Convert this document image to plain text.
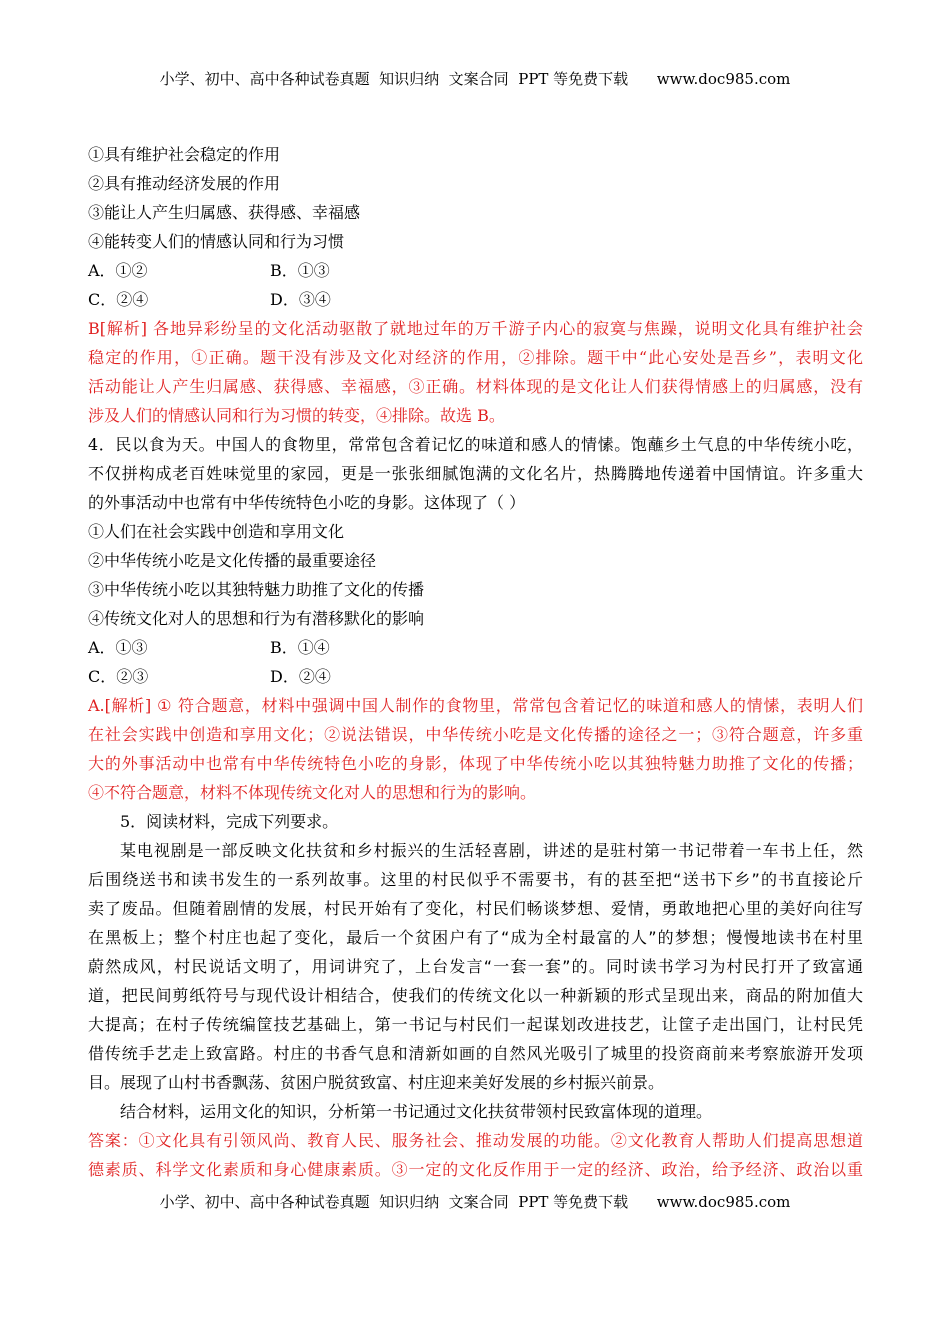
小学、初中、高中各种试卷真题  知识归纳  文案合同  PPT 等免费下载      www.doc985.com
①具有维护社会稳定的作用
②具有推动经济发展的作用
③能让人产生归属感、获得感、幸福感
④能转变人们的情感认同和行为习惯
A．①②	B．①③
C．②④	D．③④
B[解析] 各地异彩纷呈的文化活动驱散了就地过年的万千游子内心的寂寞与焦躁，说明文化具有维护社会
稳定的作用，①正确。题干没有涉及文化对经济的作用，②排除。题干中“此心安处是吾乡”，表明文化
活动能让人产生归属感、获得感、幸福感，③正确。材料体现的是文化让人们获得情感上的归属感，没有
涉及人们的情感认同和行为习惯的转变，④排除。故选 B。
4．民以食为天。中国人的食物里，常常包含着记忆的味道和感人的情愫。饱蘸乡土气息的中华传统小吃，
不仅拼构成老百姓味觉里的家园，更是一张张细腻饱满的文化名片，热腾腾地传递着中国情谊。许多重大
的外事活动中也常有中华传统特色小吃的身影。这体现了（ ）
①人们在社会实践中创造和享用文化
②中华传统小吃是文化传播的最重要途径
③中华传统小吃以其独特魅力助推了文化的传播
④传统文化对人的思想和行为有潜移默化的影响
A．①③	B．①④
C．②③	D．②④
A.[解析] ① 符合题意，材料中强调中国人制作的食物里，常常包含着记忆的味道和感人的情愫，表明人们
在社会实践中创造和享用文化；②说法错误，中华传统小吃是文化传播的途径之一；③符合题意，许多重
大的外事活动中也常有中华传统特色小吃的身影，体现了中华传统小吃以其独特魅力助推了文化的传播；
④不符合题意，材料不体现传统文化对人的思想和行为的影响。
5．阅读材料，完成下列要求。
某电视剧是一部反映文化扶贫和乡村振兴的生活轻喜剧，讲述的是驻村第一书记带着一车书上任，然
后围绕送书和读书发生的一系列故事。这里的村民似乎不需要书，有的甚至把“送书下乡”的书直接论斤
卖了废品。但随着剧情的发展，村民开始有了变化，村民们畅谈梦想、爱情，勇敢地把心里的美好向往写
在黑板上；整个村庄也起了变化，最后一个贫困户有了“成为全村最富的人”的梦想；慢慢地读书在村里
蔚然成风，村民说话文明了，用词讲究了，上台发言“一套一套”的。同时读书学习为村民打开了致富通
道，把民间剪纸符号与现代设计相结合，使我们的传统文化以一种新颖的形式呈现出来，商品的附加值大
大提高；在村子传统编筐技艺基础上，第一书记与村民们一起谋划改进技艺，让筐子走出国门，让村民凭
借传统手艺走上致富路。村庄的书香气息和清新如画的自然风光吸引了城里的投资商前来考察旅游开发项
目。展现了山村书香飘荡、贫困户脱贫致富、村庄迎来美好发展的乡村振兴前景。
结合材料，运用文化的知识，分析第一书记通过文化扶贫带领村民致富体现的道理。
答案：①文化具有引领风尚、教育人民、服务社会、推动发展的功能。②文化教育人帮助人们提高思想道
德素质、科学文化素质和身心健康素质。③一定的文化反作用于一定的经济、政治，给予经济、政治以重
小学、初中、高中各种试卷真题  知识归纳  文案合同  PPT 等免费下载      www.doc985.com
